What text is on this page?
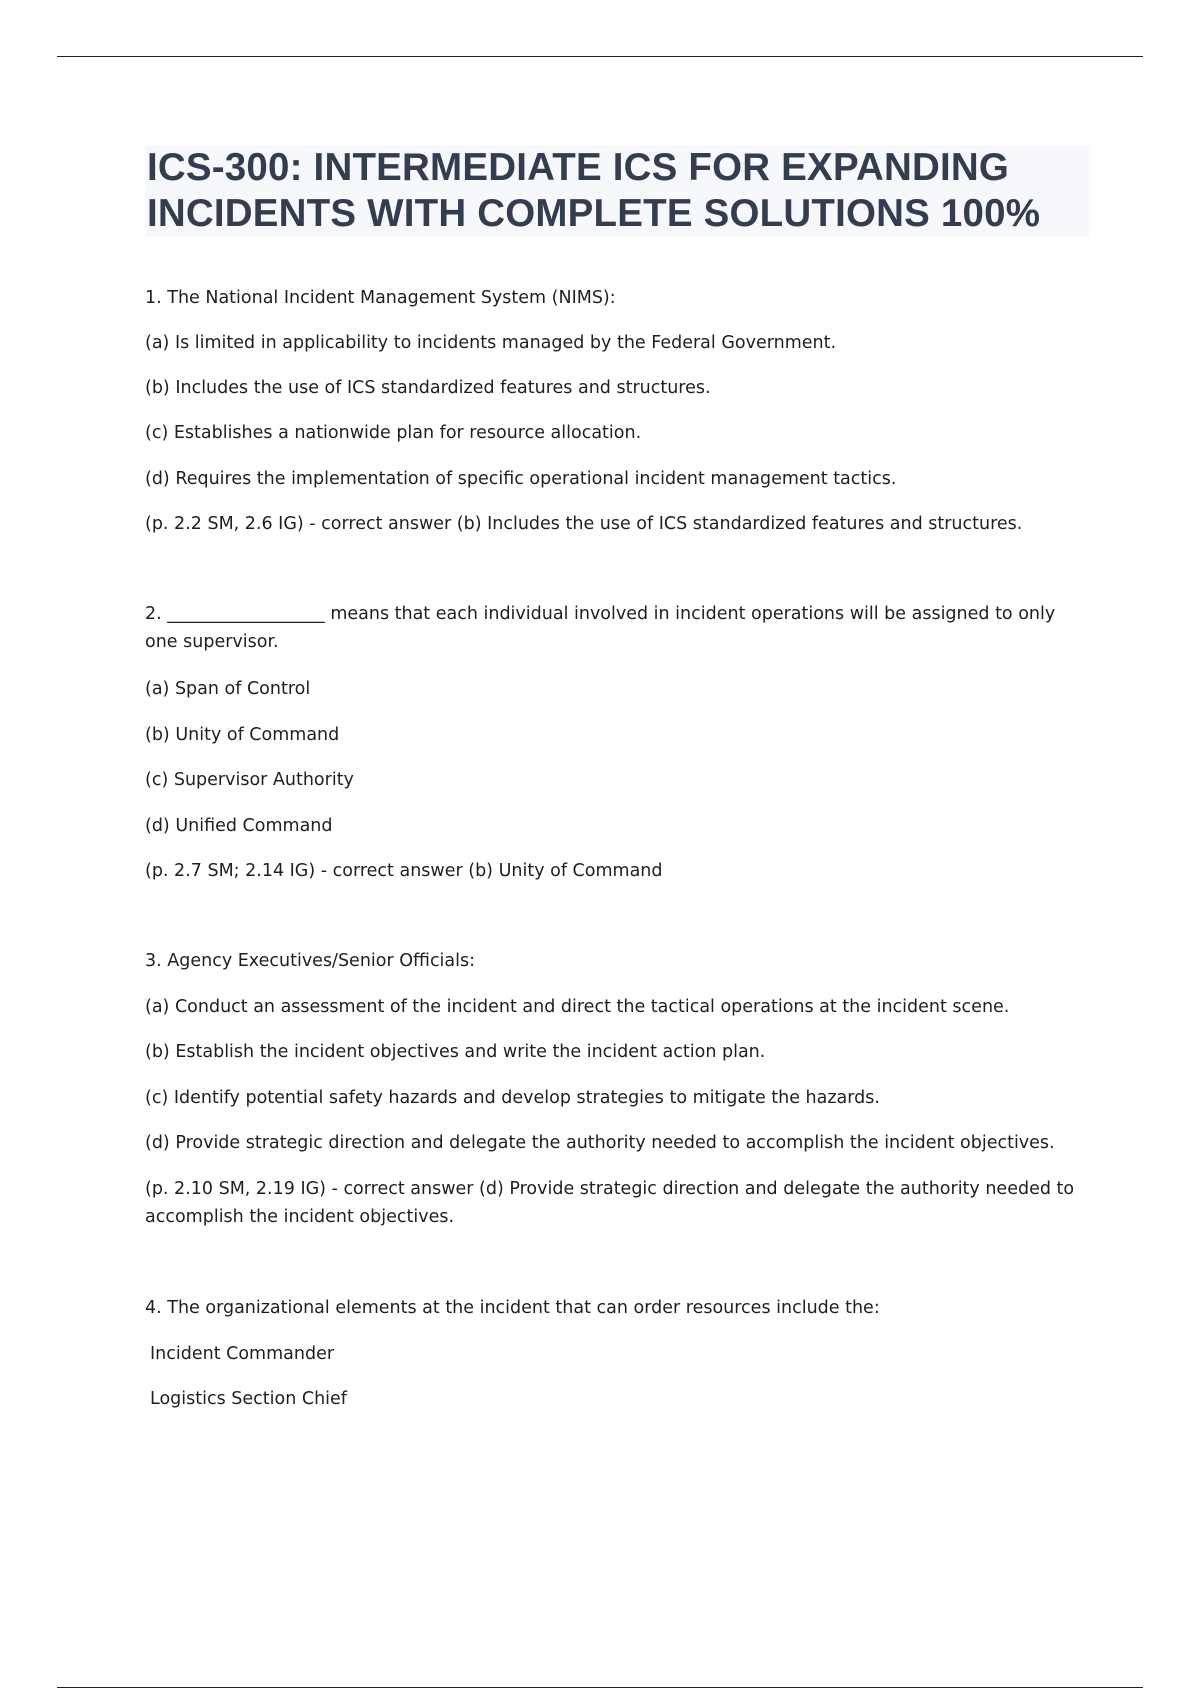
ICS-300: INTERMEDIATE ICS FOR EXPANDING INCIDENTS WITH COMPLETE SOLUTIONS 100%
1. The National Incident Management System (NIMS):
(a) Is limited in applicability to incidents managed by the Federal Government.
(b) Includes the use of ICS standardized features and structures.
(c) Establishes a nationwide plan for resource allocation.
(d) Requires the implementation of specific operational incident management tactics.
(p. 2.2 SM, 2.6 IG) - correct answer (b) Includes the use of ICS standardized features and structures.
2. __________________ means that each individual involved in incident operations will be assigned to only one supervisor.
(a) Span of Control
(b) Unity of Command
(c) Supervisor Authority
(d) Unified Command
(p. 2.7 SM; 2.14 IG) - correct answer (b) Unity of Command
3. Agency Executives/Senior Officials:
(a) Conduct an assessment of the incident and direct the tactical operations at the incident scene.
(b) Establish the incident objectives and write the incident action plan.
(c) Identify potential safety hazards and develop strategies to mitigate the hazards.
(d) Provide strategic direction and delegate the authority needed to accomplish the incident objectives.
(p. 2.10 SM, 2.19 IG) - correct answer (d) Provide strategic direction and delegate the authority needed to accomplish the incident objectives.
4. The organizational elements at the incident that can order resources include the:
Incident Commander
Logistics Section Chief
